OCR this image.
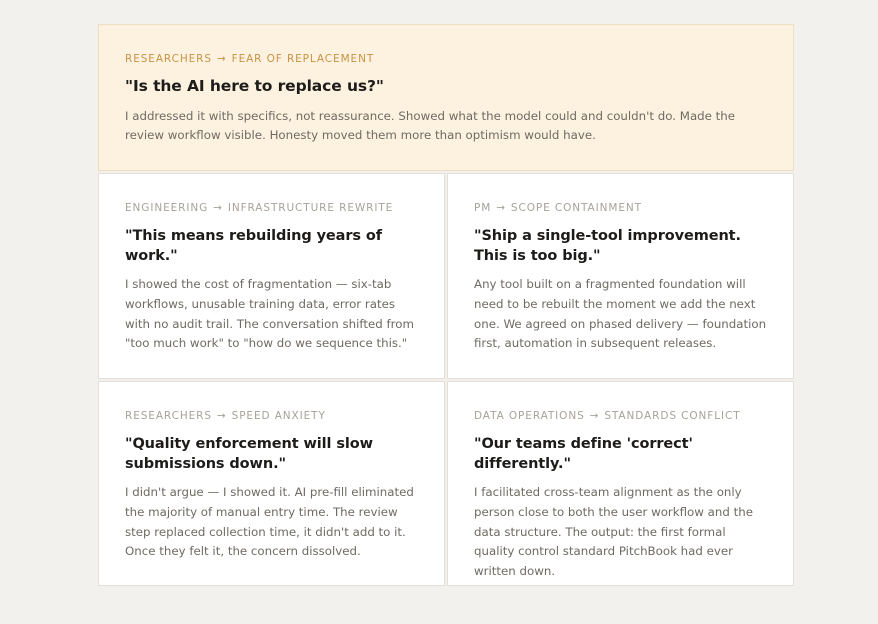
RESEARCHERS → FEAR OF REPLACEMENT
"Is the AI here to replace us?"
I addressed it with specifics, not reassurance. Showed what the model could and couldn't do. Made the review workflow visible. Honesty moved them more than optimism would have.
ENGINEERING → INFRASTRUCTURE REWRITE
"This means rebuilding years of work."
I showed the cost of fragmentation — six-tab workflows, unusable training data, error rates with no audit trail. The conversation shifted from "too much work" to "how do we sequence this."
PM → SCOPE CONTAINMENT
"Ship a single-tool improvement. This is too big."
Any tool built on a fragmented foundation will need to be rebuilt the moment we add the next one. We agreed on phased delivery — foundation first, automation in subsequent releases.
RESEARCHERS → SPEED ANXIETY
"Quality enforcement will slow submissions down."
I didn't argue — I showed it. AI pre-fill eliminated the majority of manual entry time. The review step replaced collection time, it didn't add to it. Once they felt it, the concern dissolved.
DATA OPERATIONS → STANDARDS CONFLICT
"Our teams define 'correct' differently."
I facilitated cross-team alignment as the only person close to both the user workflow and the data structure. The output: the first formal quality control standard PitchBook had ever written down.
